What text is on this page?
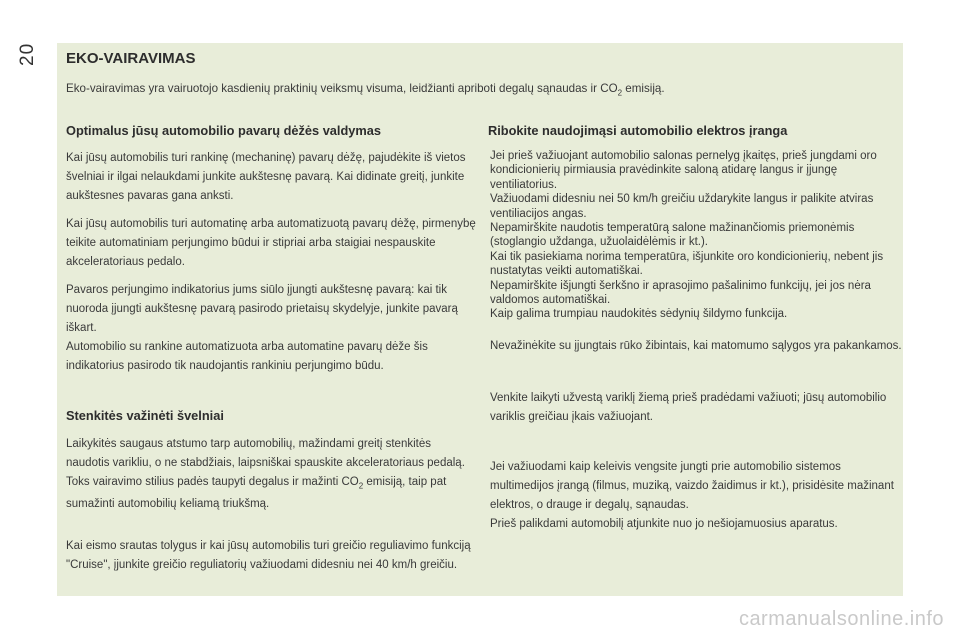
20 EKO-VAIRAVIMAS

Eko-vairavimas yra vairuotojo kasdienių praktinių veiksmų visuma, leidžianti apriboti degalų sąnaudas ir $CO_2$ emisiją.

Optimalus jūsų automobilio pavarų dėžės valdymas

Kai jūsų automobilis turi rankinę (mechaninę) pavarų dėžę, pajudėkite iš vietos švelniai ir ilgai nelaukdami junkite aukštesnę pavarą. Kai didinate greitį, junkite aukštesnes pavaras gana anksti.

Kai jūsų automobilis turi automatinę arba automatizuotą pavarų dėžę, pirmenybę teikite automatiniam perjungimo būdui ir stipriai arba staigiai nespauskite akceleratoriaus pedalo.

Pavaros perjungimo indikatorius jums siūlo įjungti aukštesnę pavarą: kai tik nuoroda įjungti aukštesnę pavarą pasirodo prietaisų skydelyje, junkite pavarą iškart.

Automobilio su rankine automatizuota arba automatine pavarų dėže šis indikatorius pasirodo tik naudojantis rankiniu perjungimo būdu.

Stenkitės važinėti švelniai

Laikykitės saugaus atstumo tarp automobilių, mažindami greitį stenkitės naudotis varikliu, o ne stabdžiais, laipsniškai spauskite akceleratoriaus pedalą. Toks vairavimo stilius padės taupyti degalus ir mažinti $CO_2$ emisiją, taip pat sumažinti automobilių keliamą triukšmą.

Kai eismo srautas tolygus ir kai jūsų automobilis turi greičio reguliavimo funkciją "Cruise", įjunkite greičio reguliatorių važiuodami didesniu nei 40 km/h greičiu.

Ribokite naudojimąsi automobilio elektros įranga

Jei prieš važiuojant automobilio salonas pernelyg įkaitęs, prieš jungdami oro kondicionierių pirmiausia pravėdinkite saloną atidarę langus ir įjungę ventiliatorius.

Važiuodami didesniu nei 50 km/h greičiu uždarykite langus ir palikite atviras ventiliacijos angas.

Nepamirškite naudotis temperatūrą salone mažinančiomis priemonėmis (stoglangio uždanga, užuolaidėlėmis ir kt.).

Kai tik pasiekiama norima temperatūra, išjunkite oro kondicionierių, nebent jis nustatytas veikti automatiškai.

Nepamirškite išjungti šerkšno ir aprasojimo pašalinimo funkcijų, jei jos nėra valdomos automatiškai.

Kaip galima trumpiau naudokitės sėdynių šildymo funkcija.

Nevažinėkite su įjungtais rūko žibintais, kai matomumo sąlygos yra pakankamos.

Venkite laikyti užvestą variklį žiemą prieš pradėdami važiuoti; jūsų automobilio variklis greičiau įkais važiuojant.

Jei važiuodami kaip keleivis vengsite jungti prie automobilio sistemos multimedijos įrangą (filmus, muziką, vaizdo žaidimus ir kt.), prisidėsite mažinant elektros, o drauge ir degalų, sąnaudas.

Prieš palikdami automobilį atjunkite nuo jo nešiojamuosius aparatus.

carmanualsonline.info
